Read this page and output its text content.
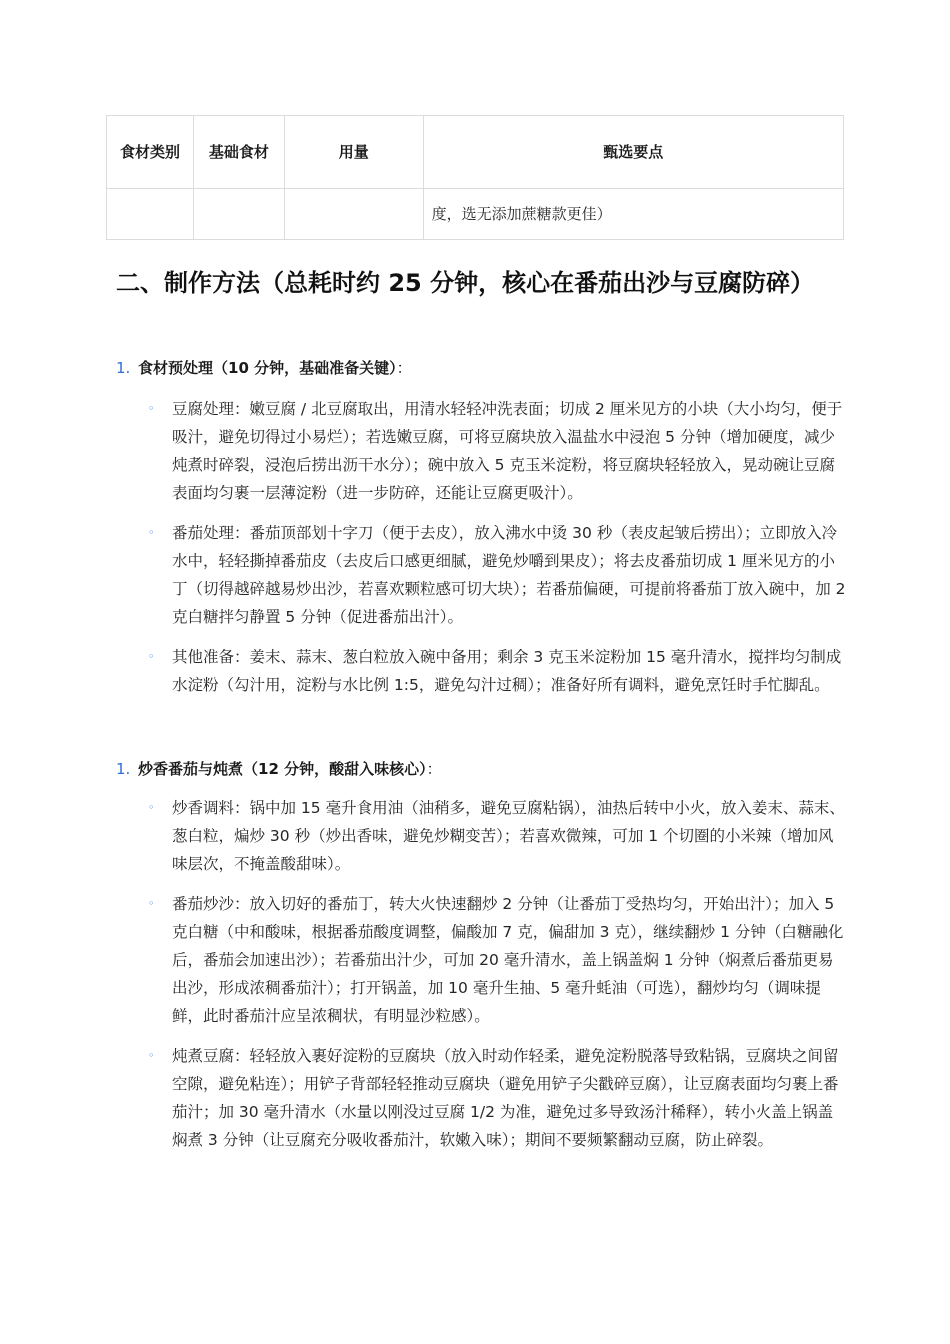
食材类别	基础食材	用量	甄选要点
			度，选无添加蔗糖款更佳）
二、制作方法（总耗时约 25 分钟，核心在番茄出沙与豆腐防碎）
1. 食材预处理（10 分钟，基础准备关键）：
◦ 豆腐处理：嫩豆腐 / 北豆腐取出，用清水轻轻冲洗表面；切成 2 厘米见方的小块（大小均匀，便于吸汁，避免切得过小易烂）；若选嫩豆腐，可将豆腐块放入温盐水中浸泡 5 分钟（增加硬度，减少炖煮时碎裂，浸泡后捞出沥干水分）；碗中放入 5 克玉米淀粉，将豆腐块轻轻放入，晃动碗让豆腐表面均匀裹一层薄淀粉（进一步防碎，还能让豆腐更吸汁）。
◦ 番茄处理：番茄顶部划十字刀（便于去皮），放入沸水中烫 30 秒（表皮起皱后捞出）；立即放入冷水中，轻轻撕掉番茄皮（去皮后口感更细腻，避免炒嚼到果皮）；将去皮番茄切成 1 厘米见方的小丁（切得越碎越易炒出沙，若喜欢颗粒感可切大块）；若番茄偏硬，可提前将番茄丁放入碗中，加 2 克白糖拌匀静置 5 分钟（促进番茄出汁）。
◦ 其他准备：姜末、蒜末、葱白粒放入碗中备用；剩余 3 克玉米淀粉加 15 毫升清水，搅拌均匀制成水淀粉（勾汁用，淀粉与水比例 1:5，避免勾汁过稠）；准备好所有调料，避免烹饪时手忙脚乱。
1. 炒香番茄与炖煮（12 分钟，酸甜入味核心）：
◦ 炒香调料：锅中加 15 毫升食用油（油稍多，避免豆腐粘锅），油热后转中小火，放入姜末、蒜末、葱白粒，煸炒 30 秒（炒出香味，避免炒糊变苦）；若喜欢微辣，可加 1 个切圈的小米辣（增加风味层次，不掩盖酸甜味）。
◦ 番茄炒沙：放入切好的番茄丁，转大火快速翻炒 2 分钟（让番茄丁受热均匀，开始出汁）；加入 5 克白糖（中和酸味，根据番茄酸度调整，偏酸加 7 克，偏甜加 3 克），继续翻炒 1 分钟（白糖融化后，番茄会加速出沙）；若番茄出汁少，可加 20 毫升清水，盖上锅盖焖 1 分钟（焖煮后番茄更易出沙，形成浓稠番茄汁）；打开锅盖，加 10 毫升生抽、5 毫升蚝油（可选），翻炒均匀（调味提鲜，此时番茄汁应呈浓稠状，有明显沙粒感）。
◦ 炖煮豆腐：轻轻放入裹好淀粉的豆腐块（放入时动作轻柔，避免淀粉脱落导致粘锅，豆腐块之间留空隙，避免粘连）；用铲子背部轻轻推动豆腐块（避免用铲子尖戳碎豆腐），让豆腐表面均匀裹上番茄汁；加 30 毫升清水（水量以刚没过豆腐 1/2 为准，避免过多导致汤汁稀释），转小火盖上锅盖焖煮 3 分钟（让豆腐充分吸收番茄汁，软嫩入味）；期间不要频繁翻动豆腐，防止碎裂。
